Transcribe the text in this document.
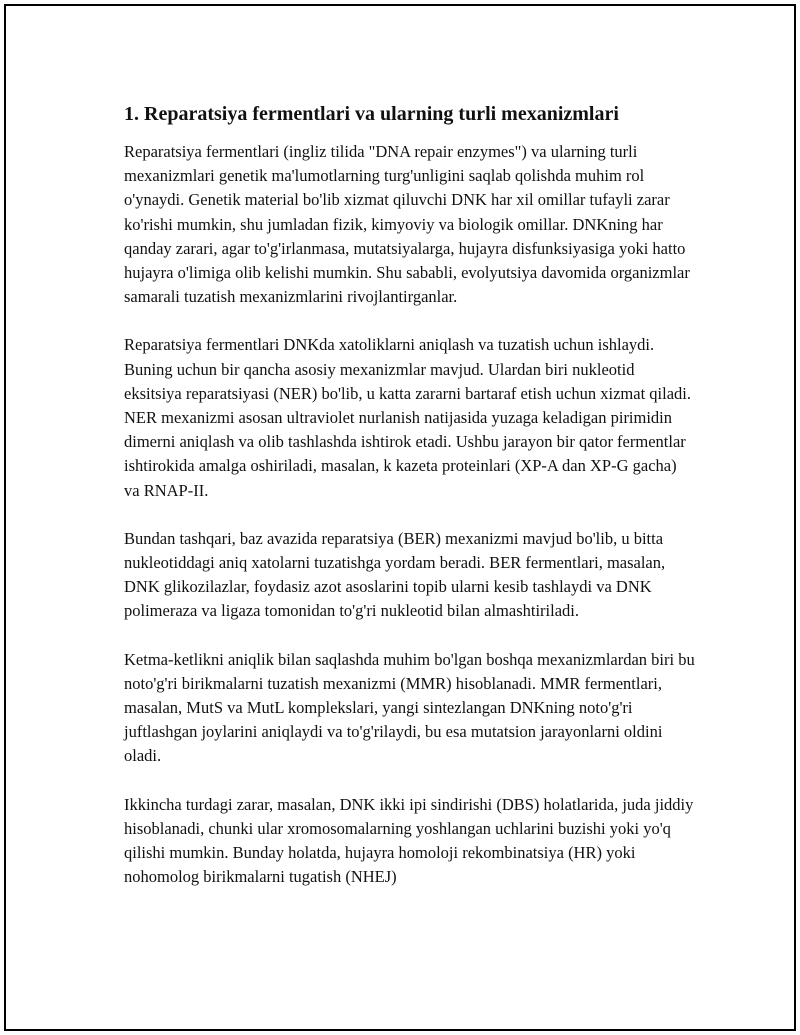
1. Reparatsiya fermentlari va ularning turli mexanizmlari

Reparatsiya fermentlari (ingliz tilida "DNA repair enzymes") va ularning turli mexanizmlari genetik ma'lumotlarning turg'unligini saqlab qolishda muhim rol o'ynaydi. Genetik material bo'lib xizmat qiluvchi DNK har xil omillar tufayli zarar ko'rishi mumkin, shu jumladan fizik, kimyoviy va biologik omillar. DNKning har qanday zarari, agar to'g'irlanmasa, mutatsiyalarga, hujayra disfunksiyasiga yoki hatto hujayra o'limiga olib kelishi mumkin. Shu sababli, evolyutsiya davomida organizmlar samarali tuzatish mexanizmlarini rivojlantirganlar.

Reparatsiya fermentlari DNKda xatoliklarni aniqlash va tuzatish uchun ishlaydi. Buning uchun bir qancha asosiy mexanizmlar mavjud. Ulardan biri nukleotid eksitsiya reparatsiyasi (NER) bo'lib, u katta zararni bartaraf etish uchun xizmat qiladi. NER mexanizmi asosan ultraviolet nurlanish natijasida yuzaga keladigan pirimidin dimerni aniqlash va olib tashlashda ishtirok etadi. Ushbu jarayon bir qator fermentlar ishtirokida amalga oshiriladi, masalan, k kazeta proteinlari (XP-A dan XP-G gacha) va RNAP-II.

Bundan tashqari, baz avazida reparatsiya (BER) mexanizmi mavjud bo'lib, u bitta nukleotiddagi aniq xatolarni tuzatishga yordam beradi. BER fermentlari, masalan, DNK glikozilazlar, foydasiz azot asoslarini topib ularni kesib tashlaydi va DNK polimeraza va ligaza tomonidan to'g'ri nukleotid bilan almashtiriladi.

Ketma-ketlikni aniqlik bilan saqlashda muhim bo'lgan boshqa mexanizmlardan biri bu noto'g'ri birikmalarni tuzatish mexanizmi (MMR) hisoblanadi. MMR fermentlari, masalan, MutS va MutL komplekslari, yangi sintezlangan DNKning noto'g'ri juftlashgan joylarini aniqlaydi va to'g'rilaydi, bu esa mutatsion jarayonlarni oldini oladi.

Ikkincha turdagi zarar, masalan, DNK ikki ipi sindirishi (DBS) holatlarida, juda jiddiy hisoblanadi, chunki ular xromosomalarning yoshlangan uchlarini buzishi yoki yo'q qilishi mumkin. Bunday holatda, hujayra homoloji rekombinatsiya (HR) yoki nohomolog birikmalarni tugatish (NHEJ)
